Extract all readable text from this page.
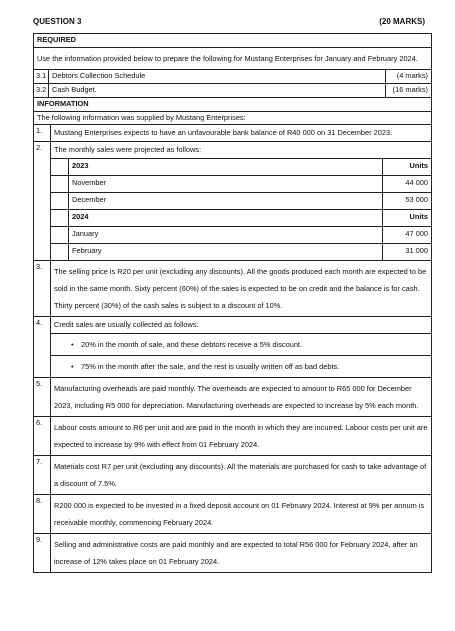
QUESTION 3	(20 MARKS)
REQUIRED
Use the information provided below to prepare the following for Mustang Enterprises for January and February 2024.
3.1 Debtors Collection Schedule	(4 marks)
3.2 Cash Budget.	(16 marks)
INFORMATION
The following information was supplied by Mustang Enterprises:
1.	Mustang Enterprises expects to have an unfavourable bank balance of R40 000 on 31 December 2023.
2.	The monthly sales were projected as follows:
2023	Units
November	44 000
December	53 000
2024	Units
January	47 000
February	31 000
3.
The selling price is R20 per unit (excluding any discounts). All the goods produced each month are expected to be sold in the same month. Sixty percent (60%) of the sales is expected to be on credit and the balance is for cash. Thirty percent (30%) of the cash sales is subject to a discount of 10%.
4.	Credit sales are usually collected as follows:
• 20% in the month of sale, and these debtors receive a 5% discount.
• 75% in the month after the sale, and the rest is usually written off as bad debts.
5.
Manufacturing overheads are paid monthly. The overheads are expected to amount to R65 000 for December 2023, including R5 000 for depreciation. Manufacturing overheads are expected to increase by 5% each month.
6.
Labour costs amount to R6 per unit and are paid in the month in which they are incurred. Labour costs per unit are expected to increase by 9% with effect from 01 February 2024.
7.
Materials cost R7 per unit (excluding any discounts). All the materials are purchased for cash to take advantage of a discount of 7.5%.
8.
R200 000 is expected to be invested in a fixed deposit account on 01 February 2024. Interest at 9% per annum is receivable monthly, commencing February 2024.
9.
Selling and administrative costs are paid monthly and are expected to total R56 000 for February 2024, after an increase of 12% takes place on 01 February 2024.
